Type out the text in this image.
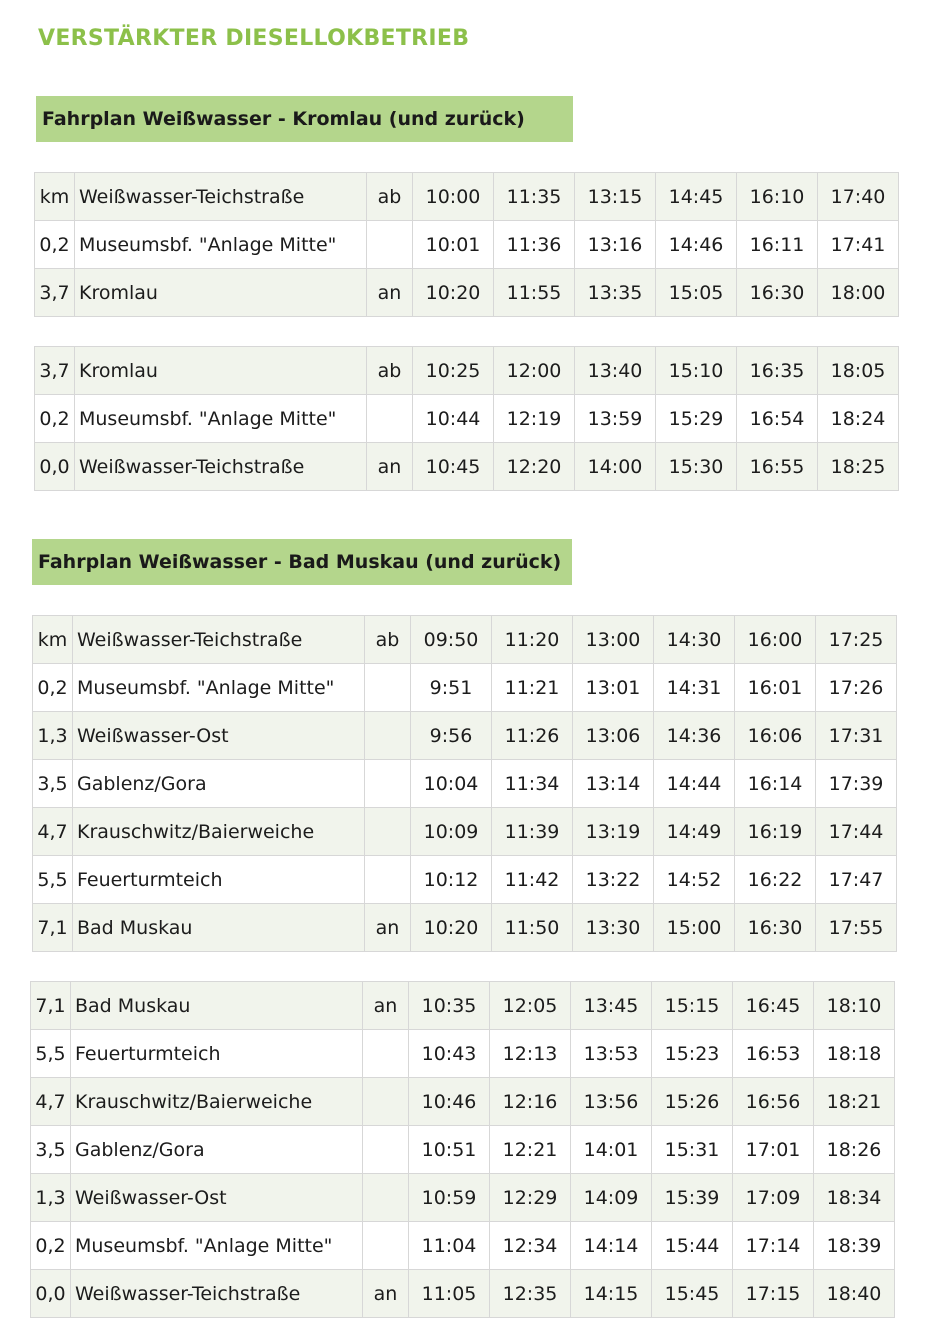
VERSTÄRKTER DIESELLOKBETRIEB
Fahrplan Weißwasser - Kromlau (und zurück)
km	Weißwasser-Teichstraße	ab	10:00	11:35	13:15	14:45	16:10	17:40
0,2	Museumsbf. "Anlage Mitte"		10:01	11:36	13:16	14:46	16:11	17:41
3,7	Kromlau	an	10:20	11:55	13:35	15:05	16:30	18:00
3,7	Kromlau	ab	10:25	12:00	13:40	15:10	16:35	18:05
0,2	Museumsbf. "Anlage Mitte"		10:44	12:19	13:59	15:29	16:54	18:24
0,0	Weißwasser-Teichstraße	an	10:45	12:20	14:00	15:30	16:55	18:25
Fahrplan Weißwasser - Bad Muskau (und zurück)
km	Weißwasser-Teichstraße	ab	09:50	11:20	13:00	14:30	16:00	17:25
0,2	Museumsbf. "Anlage Mitte"		9:51	11:21	13:01	14:31	16:01	17:26
1,3	Weißwasser-Ost		9:56	11:26	13:06	14:36	16:06	17:31
3,5	Gablenz/Gora		10:04	11:34	13:14	14:44	16:14	17:39
4,7	Krauschwitz/Baierweiche		10:09	11:39	13:19	14:49	16:19	17:44
5,5	Feuerturmteich		10:12	11:42	13:22	14:52	16:22	17:47
7,1	Bad Muskau	an	10:20	11:50	13:30	15:00	16:30	17:55
7,1	Bad Muskau	an	10:35	12:05	13:45	15:15	16:45	18:10
5,5	Feuerturmteich		10:43	12:13	13:53	15:23	16:53	18:18
4,7	Krauschwitz/Baierweiche		10:46	12:16	13:56	15:26	16:56	18:21
3,5	Gablenz/Gora		10:51	12:21	14:01	15:31	17:01	18:26
1,3	Weißwasser-Ost		10:59	12:29	14:09	15:39	17:09	18:34
0,2	Museumsbf. "Anlage Mitte"		11:04	12:34	14:14	15:44	17:14	18:39
0,0	Weißwasser-Teichstraße	an	11:05	12:35	14:15	15:45	17:15	18:40
